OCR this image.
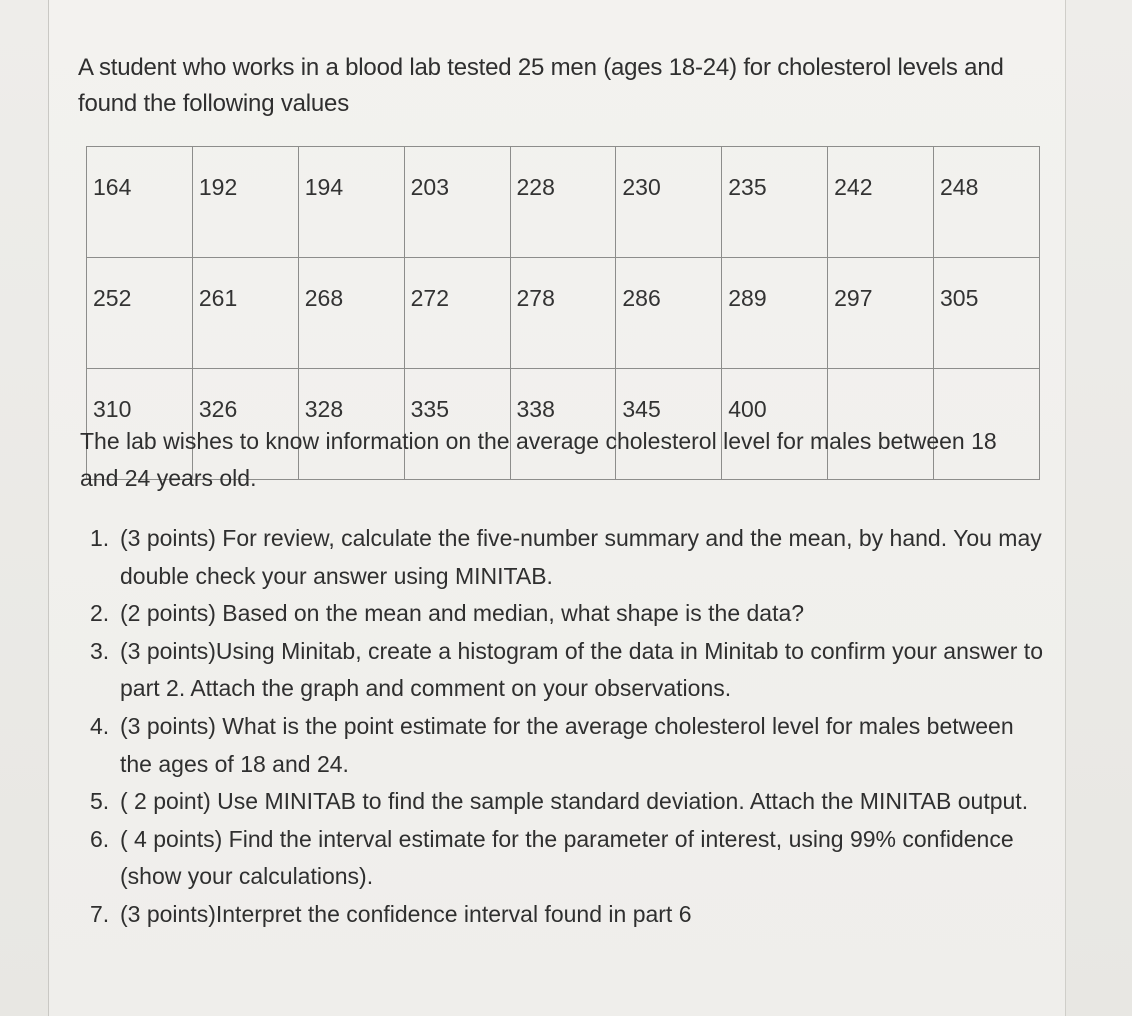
A student who works in a blood lab tested 25 men (ages 18-24) for cholesterol levels and found the following values

164	192	194	203	228	230	235	242	248
252	261	268	272	278	286	289	297	305
310	326	328	335	338	345	400		

The lab wishes to know information on the average cholesterol level for males between 18 and 24 years old.

1. (3 points) For review, calculate the five-number summary and the mean, by hand. You may double check your answer using MINITAB.
2. (2 points) Based on the mean and median, what shape is the data?
3. (3 points)Using Minitab, create a histogram of the data in Minitab to confirm your answer to part 2. Attach the graph and comment on your observations.
4. (3 points) What is the point estimate for the average cholesterol level for males between the ages of 18 and 24.
5. ( 2 point) Use MINITAB to find the sample standard deviation. Attach the MINITAB output.
6. ( 4 points) Find the interval estimate for the parameter of interest, using 99% confidence (show your calculations).
7. (3 points)Interpret the confidence interval found in part 6
